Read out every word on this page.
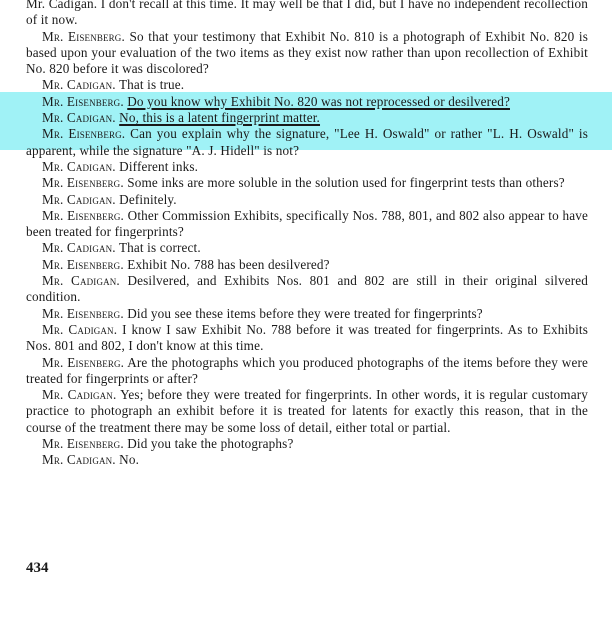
Mr. Cadigan. I don't recall at this time. It may well be that I did, but I have no independent recollection of it now.

Mr. Eisenberg. So that your testimony that Exhibit No. 810 is a photograph of Exhibit No. 820 is based upon your evaluation of the two items as they exist now rather than upon recollection of Exhibit No. 820 before it was discolored?

Mr. Cadigan. That is true.

Mr. Eisenberg. Do you know why Exhibit No. 820 was not reprocessed or desilvered?

Mr. Cadigan. No, this is a latent fingerprint matter.

Mr. Eisenberg. Can you explain why the signature, "Lee H. Oswald" or rather "L. H. Oswald" is apparent, while the signature "A. J. Hidell" is not?

Mr. Cadigan. Different inks.

Mr. Eisenberg. Some inks are more soluble in the solution used for fingerprint tests than others?

Mr. Cadigan. Definitely.

Mr. Eisenberg. Other Commission Exhibits, specifically Nos. 788, 801, and 802 also appear to have been treated for fingerprints?

Mr. Cadigan. That is correct.

Mr. Eisenberg. Exhibit No. 788 has been desilvered?

Mr. Cadigan. Desilvered, and Exhibits Nos. 801 and 802 are still in their original silvered condition.

Mr. Eisenberg. Did you see these items before they were treated for fingerprints?

Mr. Cadigan. I know I saw Exhibit No. 788 before it was treated for fingerprints. As to Exhibits Nos. 801 and 802, I don't know at this time.

Mr. Eisenberg. Are the photographs which you produced photographs of the items before they were treated for fingerprints or after?

Mr. Cadigan. Yes; before they were treated for fingerprints. In other words, it is regular customary practice to photograph an exhibit before it is treated for latents for exactly this reason, that in the course of the treatment there may be some loss of detail, either total or partial.

Mr. Eisenberg. Did you take the photographs?

Mr. Cadigan. No.

434
